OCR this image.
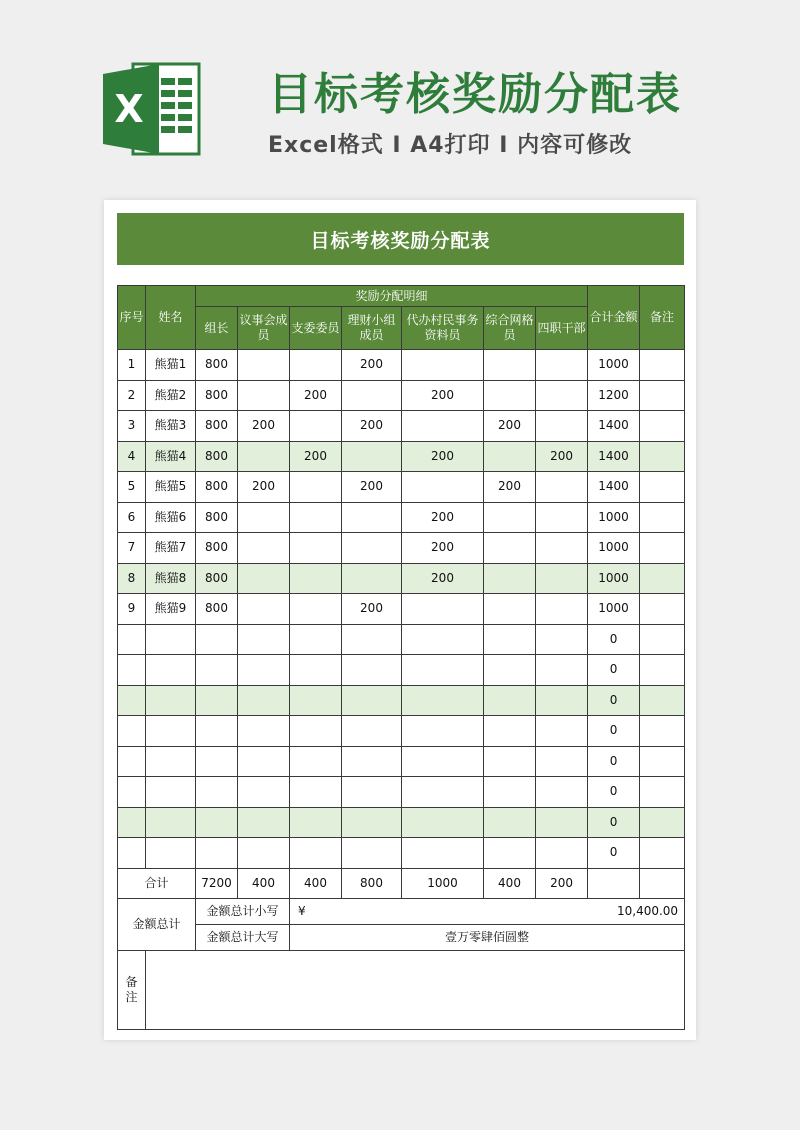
X	目标考核奖励分配表
Excel格式 I A4打印 I 内容可修改
目标考核奖励分配表
序号	姓名	奖励分配明细							合计金额	备注
		组长	议事会成员	支委委员	理财小组成员	代办村民事务资料员	综合网格员	四职干部		
1	熊猫1	800			200				1000	
2	熊猫2	800		200		200			1200	
3	熊猫3	800	200		200		200		1400	
4	熊猫4	800		200		200		200	1400	
5	熊猫5	800	200		200		200		1400	
6	熊猫6	800				200			1000	
7	熊猫7	800				200			1000	
8	熊猫8	800				200			1000	
9	熊猫9	800			200				1000	
									0	
									0	
									0	
									0	
									0	
									0	
									0	
									0	
合计		7200	400	400	800	1000	400	200		
金额总计		金额总计小写		¥ 10,400.00						
		金额总计大写		壹万零肆佰圆整						
备注										
